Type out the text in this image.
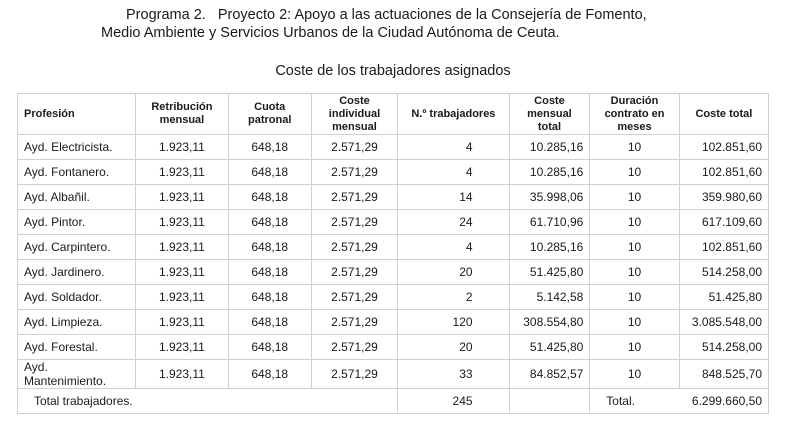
Programa 2.   Proyecto 2: Apoyo a las actuaciones de la Consejería de Fomento,
Medio Ambiente y Servicios Urbanos de la Ciudad Autónoma de Ceuta.
Coste de los trabajadores asignados
Profesión	Retribución mensual	Cuota patronal	Coste individual mensual	N.º trabajadores	Coste mensual total	Duración contrato en meses	Coste total
Ayd. Electricista.	1.923,11	648,18	2.571,29	4	10.285,16	10	102.851,60
Ayd. Fontanero.	1.923,11	648,18	2.571,29	4	10.285,16	10	102.851,60
Ayd. Albañil.	1.923,11	648,18	2.571,29	14	35.998,06	10	359.980,60
Ayd. Pintor.	1.923,11	648,18	2.571,29	24	61.710,96	10	617.109,60
Ayd. Carpintero.	1.923,11	648,18	2.571,29	4	10.285,16	10	102.851,60
Ayd. Jardinero.	1.923,11	648,18	2.571,29	20	51.425,80	10	514.258,00
Ayd. Soldador.	1.923,11	648,18	2.571,29	2	5.142,58	10	51.425,80
Ayd. Limpieza.	1.923,11	648,18	2.571,29	120	308.554,80	10	3.085.548,00
Ayd. Forestal.	1.923,11	648,18	2.571,29	20	51.425,80	10	514.258,00
Ayd. Mantenimiento.	1.923,11	648,18	2.571,29	33	84.852,57	10	848.525,70
Total trabajadores.				245		Total.	6.299.660,50
